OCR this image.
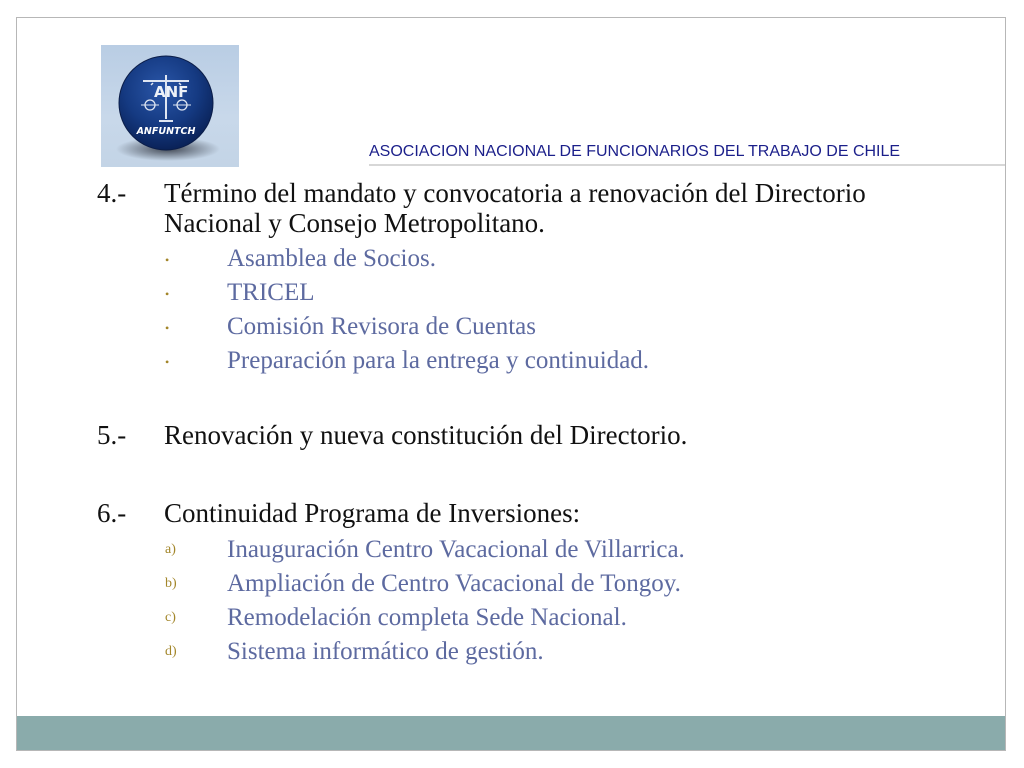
ANF
ANFUNTCH
ASOCIACION NACIONAL DE FUNCIONARIOS DEL TRABAJO DE CHILE
4.-	Término del mandato y convocatoria a renovación del Directorio Nacional y Consejo Metropolitano.
•	Asamblea de Socios.
•	TRICEL
•	Comisión Revisora de Cuentas
•	Preparación para la entrega y continuidad.
5.-	Renovación y nueva constitución del Directorio.
6.-	Continuidad Programa de Inversiones:
a)	Inauguración Centro Vacacional de Villarrica.
b)	Ampliación de Centro Vacacional de Tongoy.
c)	Remodelación completa Sede Nacional.
d)	Sistema informático de gestión.
